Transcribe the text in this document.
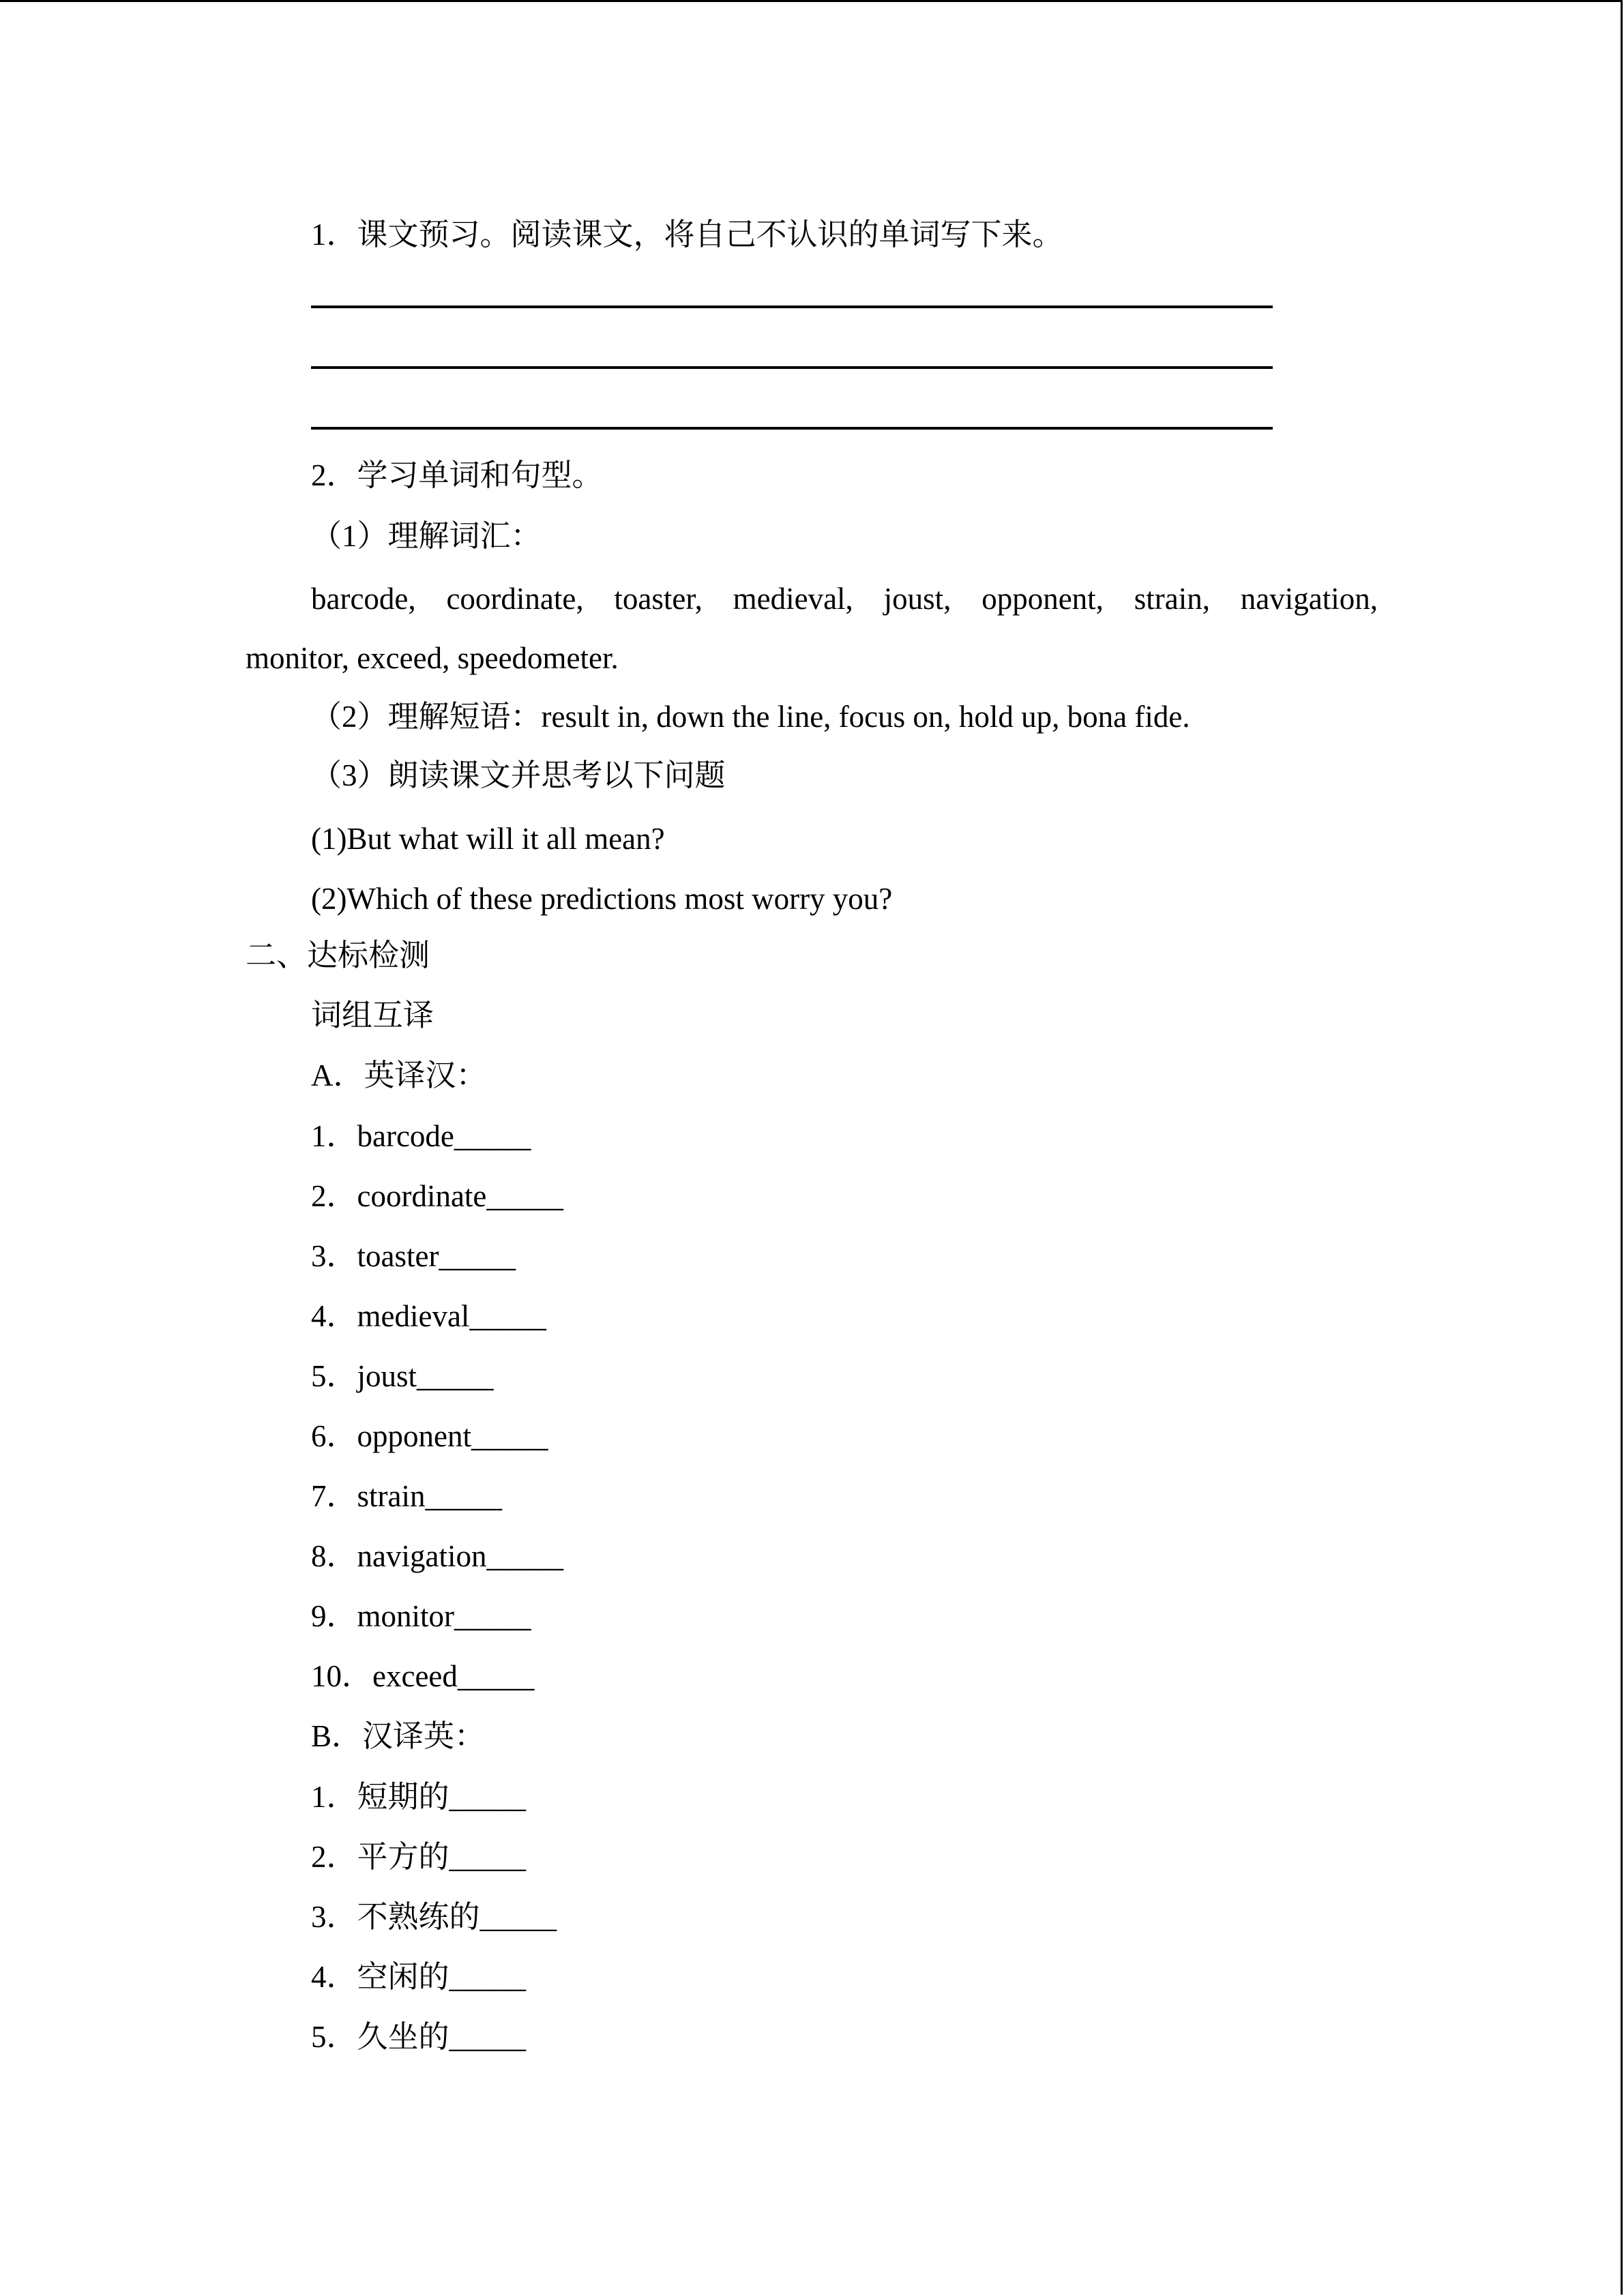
1．课文预习。阅读课文，将自己不认识的单词写下来。
2．学习单词和句型。
（1）理解词汇：
barcode, coordinate, toaster, medieval, joust, opponent, strain, navigation,
monitor, exceed, speedometer.
（2）理解短语：result in, down the line, focus on, hold up, bona fide.
（3）朗读课文并思考以下问题
(1)But what will it all mean?
(2)Which of these predictions most worry you?
二、达标检测
词组互译
A．英译汉：
1．barcode_____
2．coordinate_____
3．toaster_____
4．medieval_____
5．joust_____
6．opponent_____
7．strain_____
8．navigation_____
9．monitor_____
10．exceed_____
B．汉译英：
1．短期的_____
2．平方的_____
3．不熟练的_____
4．空闲的_____
5．久坐的_____
